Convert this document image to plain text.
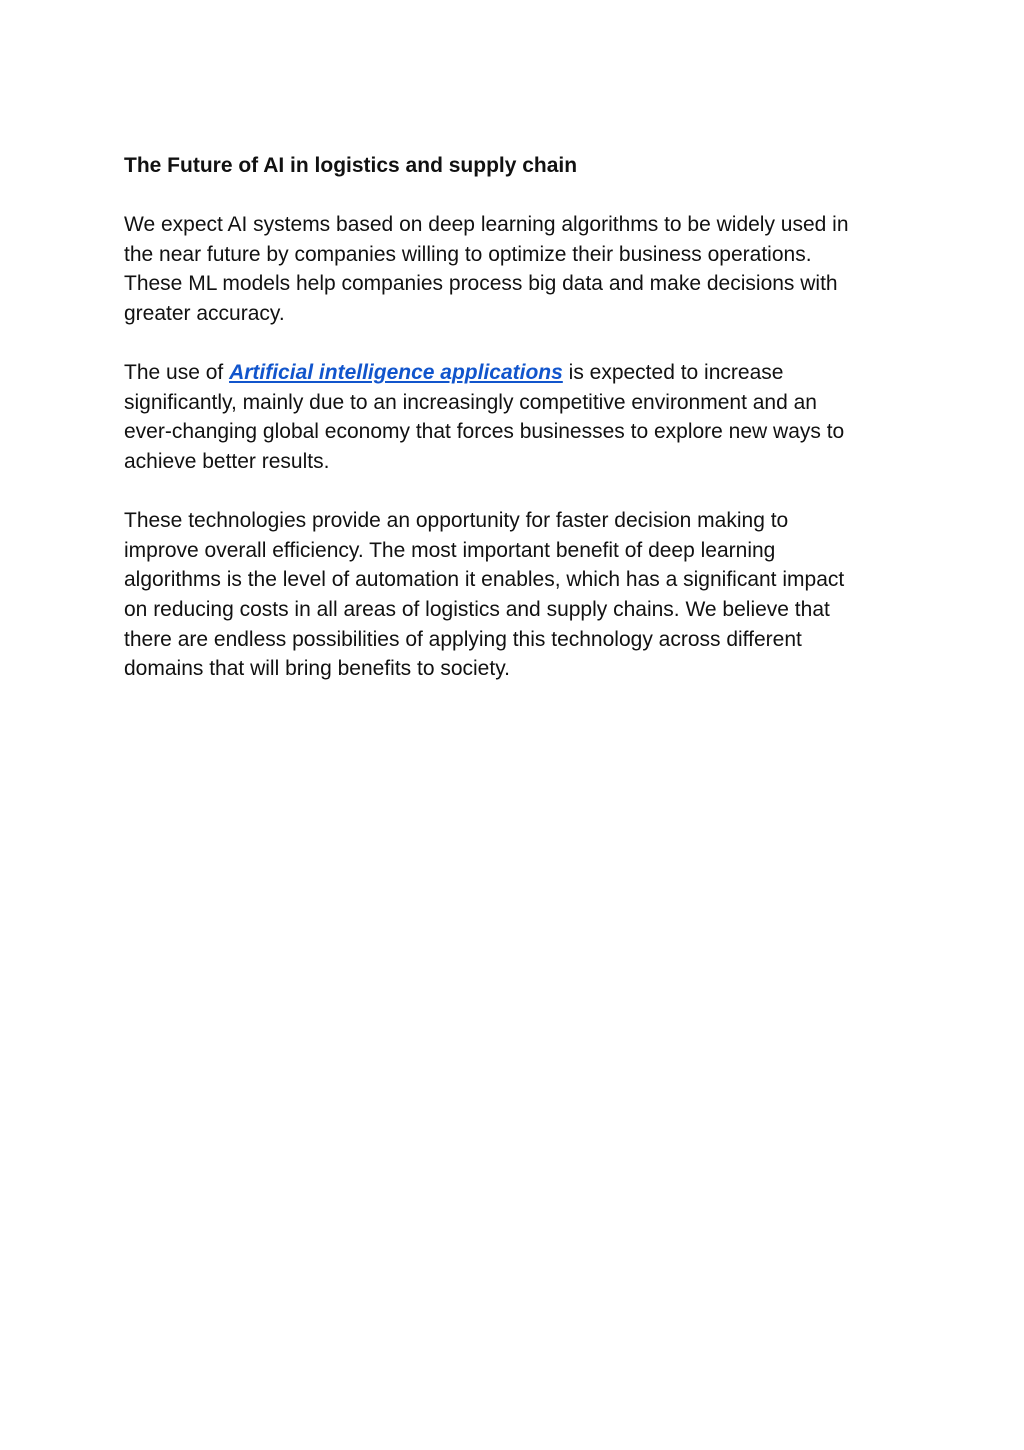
The Future of AI in logistics and supply chain

We expect AI systems based on deep learning algorithms to be widely used in
the near future by companies willing to optimize their business operations.
These ML models help companies process big data and make decisions with
greater accuracy.

The use of Artificial intelligence applications is expected to increase
significantly, mainly due to an increasingly competitive environment and an
ever-changing global economy that forces businesses to explore new ways to
achieve better results.

These technologies provide an opportunity for faster decision making to
improve overall efficiency. The most important benefit of deep learning
algorithms is the level of automation it enables, which has a significant impact
on reducing costs in all areas of logistics and supply chains. We believe that
there are endless possibilities of applying this technology across different
domains that will bring benefits to society.
